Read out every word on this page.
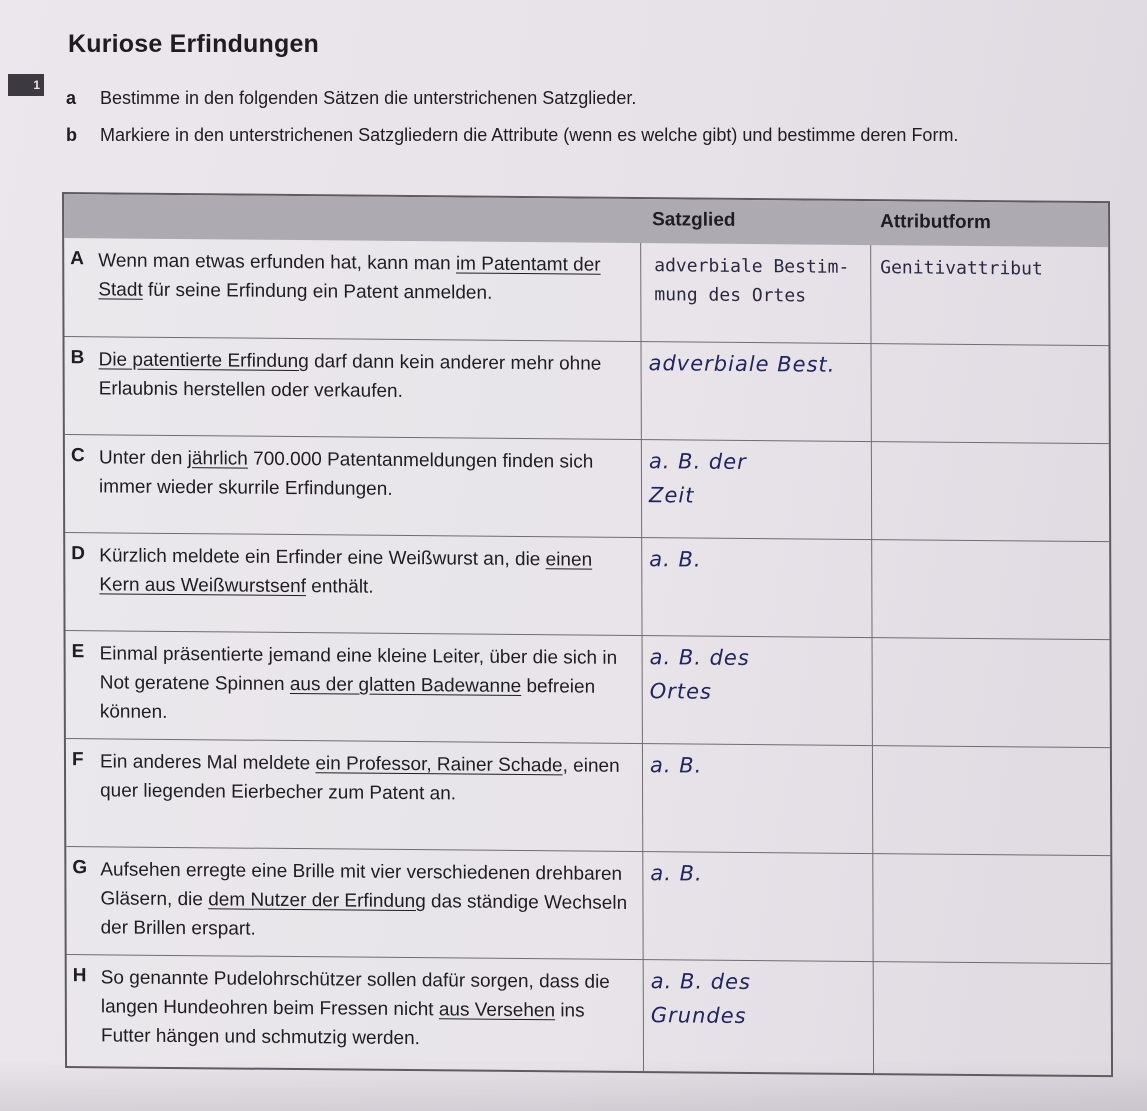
Kuriose Erfindungen
1
a Bestimme in den folgenden Sätzen die unterstrichenen Satzglieder.
b Markiere in den unterstrichenen Satzgliedern die Attribute (wenn es welche gibt) und bestimme deren Form.
Satzglied	Attributform
A Wenn man etwas erfunden hat, kann man im Patentamt der Stadt für seine Erfindung ein Patent anmelden.
adverbiale Bestim-
mung des Ortes
Genitivattribut
B Die patentierte Erfindung darf dann kein anderer mehr ohne Erlaubnis herstellen oder verkaufen.
adverbiale Best.
C Unter den jährlich 700.000 Patentanmeldungen finden sich immer wieder skurrile Erfindungen.
a. B. der
Zeit
D Kürzlich meldete ein Erfinder eine Weißwurst an, die einen Kern aus Weißwurstsenf enthält.
a. B.
E Einmal präsentierte jemand eine kleine Leiter, über die sich in Not geratene Spinnen aus der glatten Badewanne befreien können.
a. B. des
Ortes
F Ein anderes Mal meldete ein Professor, Rainer Schade, einen quer liegenden Eierbecher zum Patent an.
a. B.
G Aufsehen erregte eine Brille mit vier verschiedenen drehbaren Gläsern, die dem Nutzer der Erfindung das ständige Wechseln der Brillen erspart.
a. B.
H So genannte Pudelohrschützer sollen dafür sorgen, dass die langen Hundeohren beim Fressen nicht aus Versehen ins Futter hängen und schmutzig werden.
a. B. des
Grundes
